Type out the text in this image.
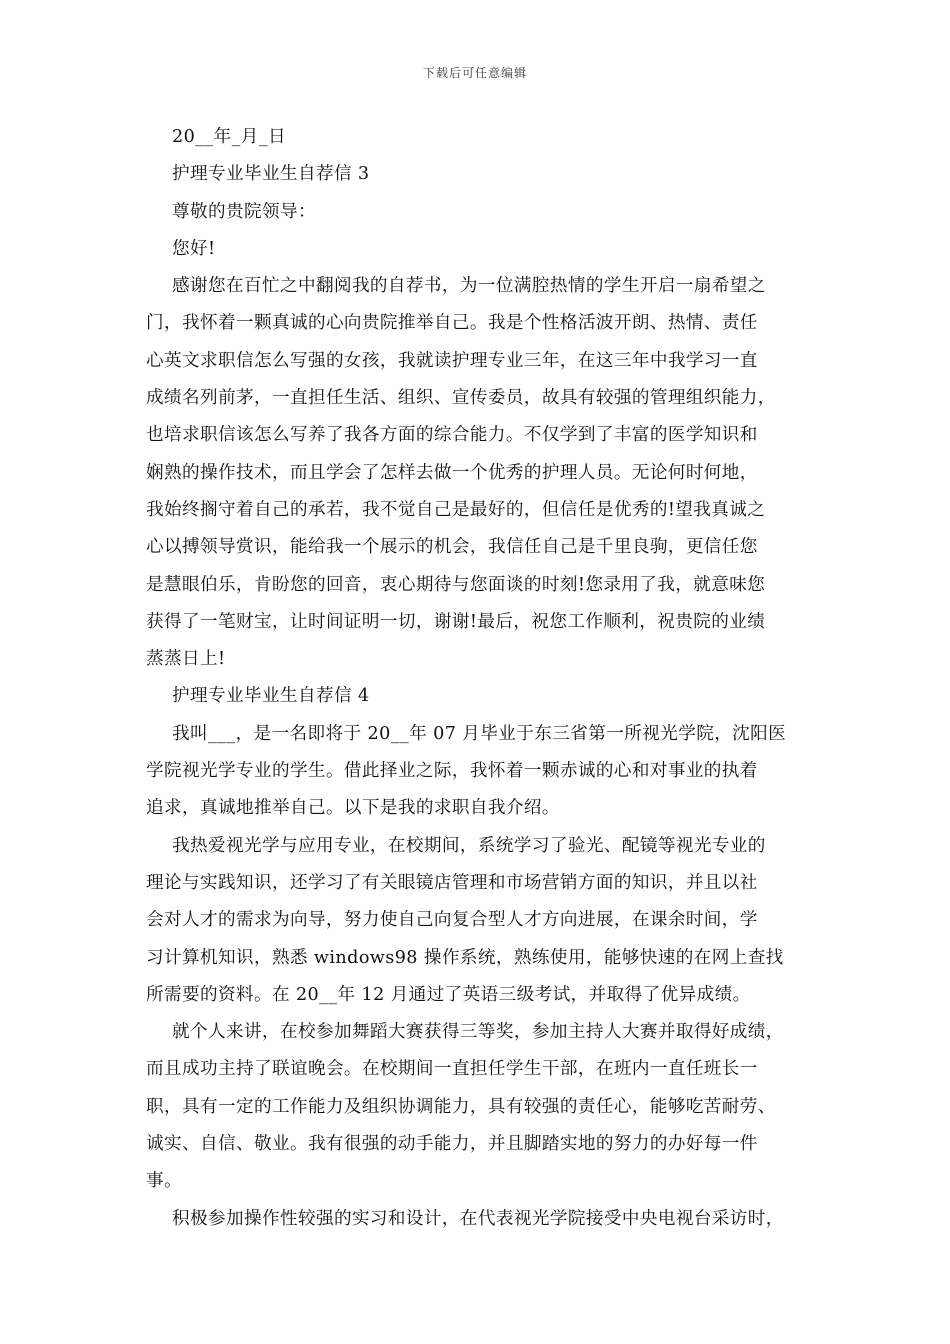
下载后可任意编辑
20__年_月_日
护理专业毕业生自荐信 3
尊敬的贵院领导：
您好!
感谢您在百忙之中翻阅我的自荐书，为一位满腔热情的学生开启一扇希望之
门，我怀着一颗真诚的心向贵院推举自己。我是个性格活波开朗、热情、责任
心英文求职信怎么写强的女孩，我就读护理专业三年，在这三年中我学习一直
成绩名列前茅，一直担任生活、组织、宣传委员，故具有较强的管理组织能力，
也培求职信该怎么写养了我各方面的综合能力。不仅学到了丰富的医学知识和
娴熟的操作技术，而且学会了怎样去做一个优秀的护理人员。无论何时何地，
我始终搁守着自己的承若，我不觉自己是最好的，但信任是优秀的!望我真诚之
心以搏领导赏识，能给我一个展示的机会，我信任自己是千里良驹，更信任您
是慧眼伯乐，肯盼您的回音，衷心期待与您面谈的时刻!您录用了我，就意味您
获得了一笔财宝，让时间证明一切，谢谢!最后，祝您工作顺利，祝贵院的业绩
蒸蒸日上!
护理专业毕业生自荐信 4
我叫___，是一名即将于 20__年 07 月毕业于东三省第一所视光学院，沈阳医
学院视光学专业的学生。借此择业之际，我怀着一颗赤诚的心和对事业的执着
追求，真诚地推举自己。以下是我的求职自我介绍。
我热爱视光学与应用专业，在校期间，系统学习了验光、配镜等视光专业的
理论与实践知识，还学习了有关眼镜店管理和市场营销方面的知识，并且以社
会对人才的需求为向导，努力使自己向复合型人才方向进展，在课余时间，学
习计算机知识，熟悉 windows98 操作系统，熟练使用，能够快速的在网上查找
所需要的资料。在 20__年 12 月通过了英语三级考试，并取得了优异成绩。
就个人来讲，在校参加舞蹈大赛获得三等奖，参加主持人大赛并取得好成绩，
而且成功主持了联谊晚会。在校期间一直担任学生干部，在班内一直任班长一
职，具有一定的工作能力及组织协调能力，具有较强的责任心，能够吃苦耐劳、
诚实、自信、敬业。我有很强的动手能力，并且脚踏实地的努力的办好每一件
事。
积极参加操作性较强的实习和设计，在代表视光学院接受中央电视台采访时，
